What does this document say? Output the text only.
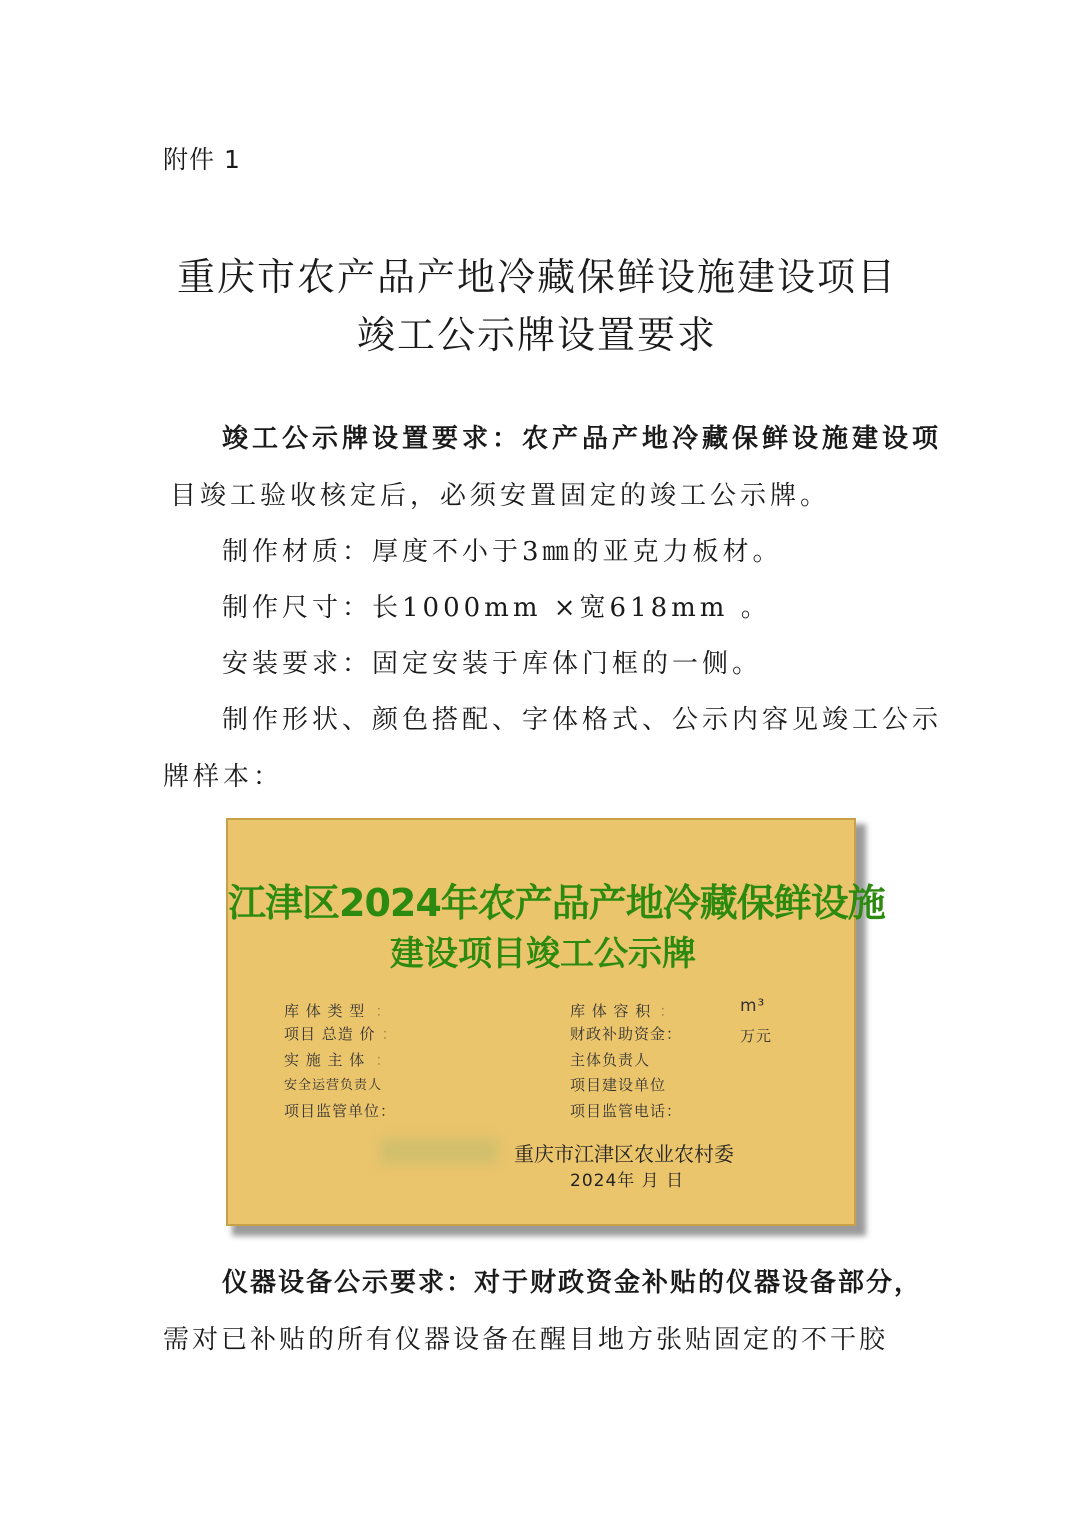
附件 1
重庆市农产品产地冷藏保鲜设施建设项目
竣工公示牌设置要求
竣工公示牌设置要求：农产品产地冷藏保鲜设施建设项
目竣工验收核定后，必须安置固定的竣工公示牌。
制作材质：厚度不小于3㎜的亚克力板材。
制作尺寸：长1000mm ×宽618mm 。
安装要求：固定安装于库体门框的一侧。
制作形状、颜色搭配、字体格式、公示内容见竣工公示
牌样本：
江津区2024年农产品产地冷藏保鲜设施
建设项目竣工公示牌
库 体 类 型 ：
项目 总造 价 ：
实 施 主 体 ：
安全运营负责人
项目监管单位：
库 体 容 积 ：	m³
财政补助资金：	万元
主体负责人
项目建设单位
项目监管电话：
重庆市江津区农业农村委
2024年 月 日
仪器设备公示要求：对于财政资金补贴的仪器设备部分，
需对已补贴的所有仪器设备在醒目地方张贴固定的不干胶
